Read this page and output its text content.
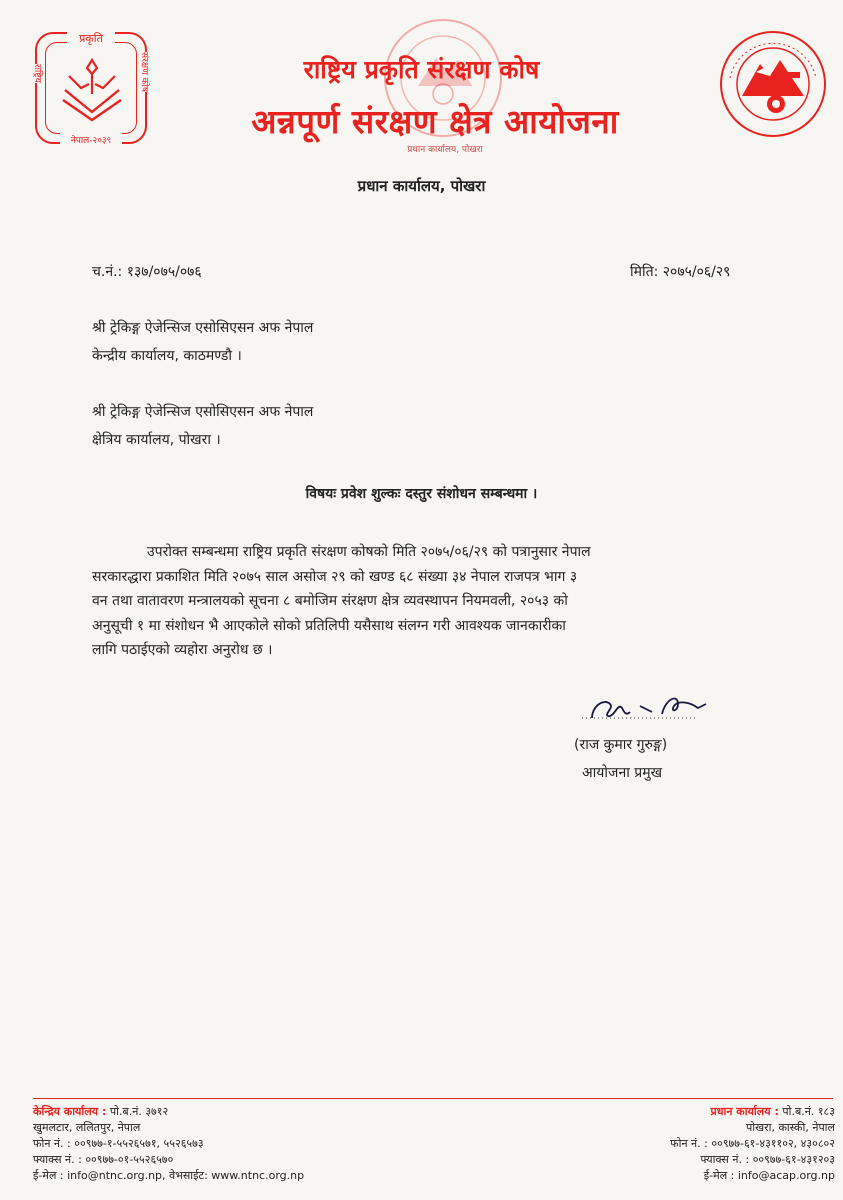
प्रकृति
राष्ट्रिय	संरक्षण कोष
नेपाल-२०३९
राष्ट्रिय प्रकृति संरक्षण कोष
अन्नपूर्ण संरक्षण क्षेत्र आयोजना
प्रधान कार्यालय, पोखरा
प्रधान कार्यालय, पोखरा
च.नं.: १३७/०७५/०७६	मिति: २०७५/०६/२९
श्री ट्रेकिङ्ग ऐजेन्सिज एसोसिएसन अफ नेपाल
केन्द्रीय कार्यालय, काठमण्डौ ।
श्री ट्रेकिङ्ग ऐजेन्सिज एसोसिएसन अफ नेपाल
क्षेत्रिय कार्यालय, पोखरा ।
विषयः प्रवेश शुल्कः दस्तुर संशोधन सम्बन्धमा ।
उपरोक्त सम्बन्धमा राष्ट्रिय प्रकृति संरक्षण कोषको मिति २०७५/०६/२९ को पत्रानुसार नेपाल
सरकारद्धारा प्रकाशित मिति २०७५ साल असोज २९ को खण्ड ६८ संख्या ३४ नेपाल राजपत्र भाग ३
वन तथा वातावरण मन्त्रालयको सूचना ८ बमोजिम संरक्षण क्षेत्र व्यवस्थापन नियमवली, २०५३ को
अनुसूची १ मा संशोधन भै आएकोले सोको प्रतिलिपी यसैसाथ संलग्न गरी आवश्यक जानकारीका
लागि पठाईएको व्यहोरा अनुरोध छ ।
(राज कुमार गुरुङ्ग)
आयोजना प्रमुख
केन्द्रिय कार्यालय : पो.ब.नं. ३७१२
खुमलटार, ललितपुर, नेपाल
फोन नं. : ००९७७-१-५५२६५७१, ५५२६५७३
फ्याक्स नं. : ००९७७-०१-५५२६५७०
ई-मेल : info@ntnc.org.np, वेभसाईट: www.ntnc.org.np
प्रधान कार्यालय : पो.ब.नं. १८३
पोखरा, कास्की, नेपाल
फोन नं. : ००९७७-६१-४३११०२, ४३०८०२
फ्याक्स नं. : ००९७७-६१-४३१२०३
ई-मेल : info@acap.org.np
